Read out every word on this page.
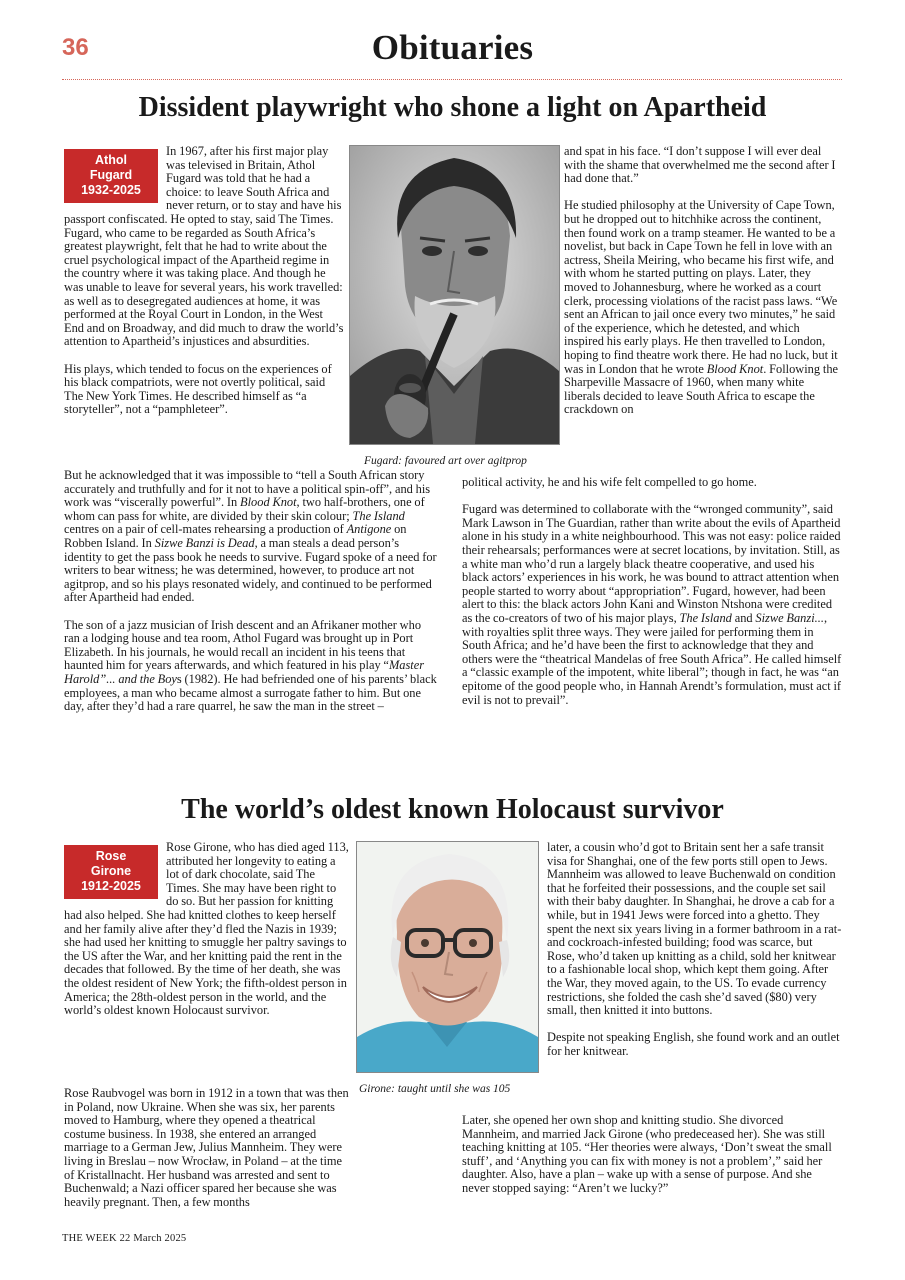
36	Obituaries
Dissident playwright who shone a light on Apartheid
Athol
Fugard
1932-2025

In 1967, after his first major play was televised in Britain, Athol Fugard was told that he had a choice: to leave South Africa and never return, or to stay and have his passport confiscated. He opted to stay, said The Times. Fugard, who came to be regarded as South Africa’s greatest playwright, felt that he had to write about the cruel psychological impact of the Apartheid regime in the country where it was taking place. And though he was unable to leave for several years, his work travelled: as well as to desegregated audiences at home, it was performed at the Royal Court in London, in the West End and on Broadway, and did much to draw the world’s attention to Apartheid’s injustices and absurdities.

His plays, which tended to focus on the experiences of his black compatriots, were not overtly political, said The New York Times. He described himself as “a storyteller”, not a “pamphleteer”.

But he acknowledged that it was impossible to “tell a South African story accurately and truthfully and for it not to have a political spin-off”, and his work was “viscerally powerful”. In Blood Knot, two half-brothers, one of whom can pass for white, are divided by their skin colour; The Island centres on a pair of cell-mates rehearsing a production of Antigone on Robben Island. In Sizwe Banzi is Dead, a man steals a dead person’s identity to get the pass book he needs to survive. Fugard spoke of a need for writers to bear witness; he was determined, however, to produce art not agitprop, and so his plays resonated widely, and continued to be performed after Apartheid had ended.

The son of a jazz musician of Irish descent and an Afrikaner mother who ran a lodging house and tea room, Athol Fugard was brought up in Port Elizabeth. In his journals, he would recall an incident in his teens that haunted him for years afterwards, and which featured in his play “Master Harold”... and the Boys (1982). He had befriended one of his parents’ black employees, a man who became almost a surrogate father to him. But one day, after they’d had a rare quarrel, he saw the man in the street –

Fugard: favoured art over agitprop

and spat in his face. “I don’t suppose I will ever deal with the shame that overwhelmed me the second after I had done that.”

He studied philosophy at the University of Cape Town, but he dropped out to hitchhike across the continent, then found work on a tramp steamer. He wanted to be a novelist, but back in Cape Town he fell in love with an actress, Sheila Meiring, who became his first wife, and with whom he started putting on plays. Later, they moved to Johannesburg, where he worked as a court clerk, processing violations of the racist pass laws. “We sent an African to jail once every two minutes,” he said of the experience, which he detested, and which inspired his early plays. He then travelled to London, hoping to find theatre work there. He had no luck, but it was in London that he wrote Blood Knot. Following the Sharpeville Massacre of 1960, when many white liberals decided to leave South Africa to escape the crackdown on

political activity, he and his wife felt compelled to go home.

Fugard was determined to collaborate with the “wronged community”, said Mark Lawson in The Guardian, rather than write about the evils of Apartheid alone in his study in a white neighbourhood. This was not easy: police raided their rehearsals; performances were at secret locations, by invitation. Still, as a white man who’d run a largely black theatre cooperative, and used his black actors’ experiences in his work, he was bound to attract attention when people started to worry about “appropriation”. Fugard, however, had been alert to this: the black actors John Kani and Winston Ntshona were credited as the co-creators of two of his major plays, The Island and Sizwe Banzi..., with royalties split three ways. They were jailed for performing them in South Africa; and he’d have been the first to acknowledge that they and others were the “theatrical Mandelas of free South Africa”. He called himself a “classic example of the impotent, white liberal”; though in fact, he was “an epitome of the good people who, in Hannah Arendt’s formulation, must act if evil is not to prevail”.

The world’s oldest known Holocaust survivor
Rose
Girone
1912-2025

Rose Girone, who has died aged 113, attributed her longevity to eating a lot of dark chocolate, said The Times. She may have been right to do so. But her passion for knitting had also helped. She had knitted clothes to keep herself and her family alive after they’d fled the Nazis in 1939; she had used her knitting to smuggle her paltry savings to the US after the War, and her knitting paid the rent in the decades that followed. By the time of her death, she was the oldest resident of New York; the fifth-oldest person in America; the 28th-oldest person in the world, and the world’s oldest known Holocaust survivor.

Rose Raubvogel was born in 1912 in a town that was then in Poland, now Ukraine. When she was six, her parents moved to Hamburg, where they opened a theatrical costume business. In 1938, she entered an arranged marriage to a German Jew, Julius Mannheim. They were living in Breslau – now Wrocław, in Poland – at the time of Kristallnacht. Her husband was arrested and sent to Buchenwald; a Nazi officer spared her because she was heavily pregnant. Then, a few months

Girone: taught until she was 105

later, a cousin who’d got to Britain sent her a safe transit visa for Shanghai, one of the few ports still open to Jews. Mannheim was allowed to leave Buchenwald on condition that he forfeited their possessions, and the couple set sail with their baby daughter. In Shanghai, he drove a cab for a while, but in 1941 Jews were forced into a ghetto. They spent the next six years living in a former bathroom in a rat- and cockroach-infested building; food was scarce, but Rose, who’d taken up knitting as a child, sold her knitwear to a fashionable local shop, which kept them going. After the War, they moved again, to the US. To evade currency restrictions, she folded the cash she’d saved ($80) very small, then knitted it into buttons.

Despite not speaking English, she found work and an outlet for her knitwear.

Later, she opened her own shop and knitting studio. She divorced Mannheim, and married Jack Girone (who predeceased her). She was still teaching knitting at 105. “Her theories were always, ‘Don’t sweat the small stuff’, and ‘Anything you can fix with money is not a problem’,” said her daughter. Also, have a plan – wake up with a sense of purpose. And she never stopped saying: “Aren’t we lucky?”

THE WEEK 22 March 2025
